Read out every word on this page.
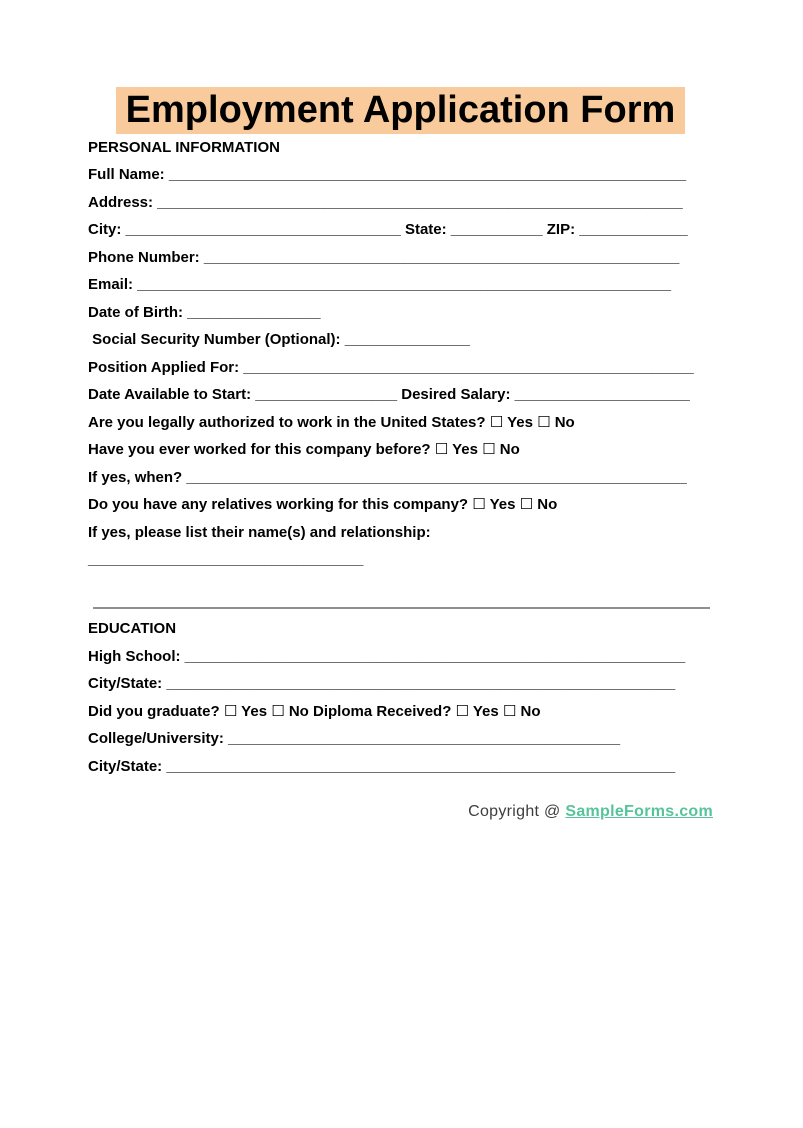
Employment Application Form

PERSONAL INFORMATION

Full Name: ______________________________________________________________

Address: _______________________________________________________________

City: _________________________________ State: ___________ ZIP: _____________

Phone Number: _________________________________________________________

Email: ________________________________________________________________

Date of Birth: ________________

Social Security Number (Optional): _______________

Position Applied For: ______________________________________________________

Date Available to Start: _________________ Desired Salary: _____________________

Are you legally authorized to work in the United States? ☐ Yes ☐ No

Have you ever worked for this company before? ☐ Yes ☐ No

If yes, when? ____________________________________________________________

Do you have any relatives working for this company? ☐ Yes ☐ No

If yes, please list their name(s) and relationship:

_________________________________

EDUCATION

High School: ____________________________________________________________

City/State: _____________________________________________________________

Did you graduate? ☐ Yes ☐ No Diploma Received? ☐ Yes ☐ No

College/University: _______________________________________________

City/State: _____________________________________________________________

Copyright @ SampleForms.com
